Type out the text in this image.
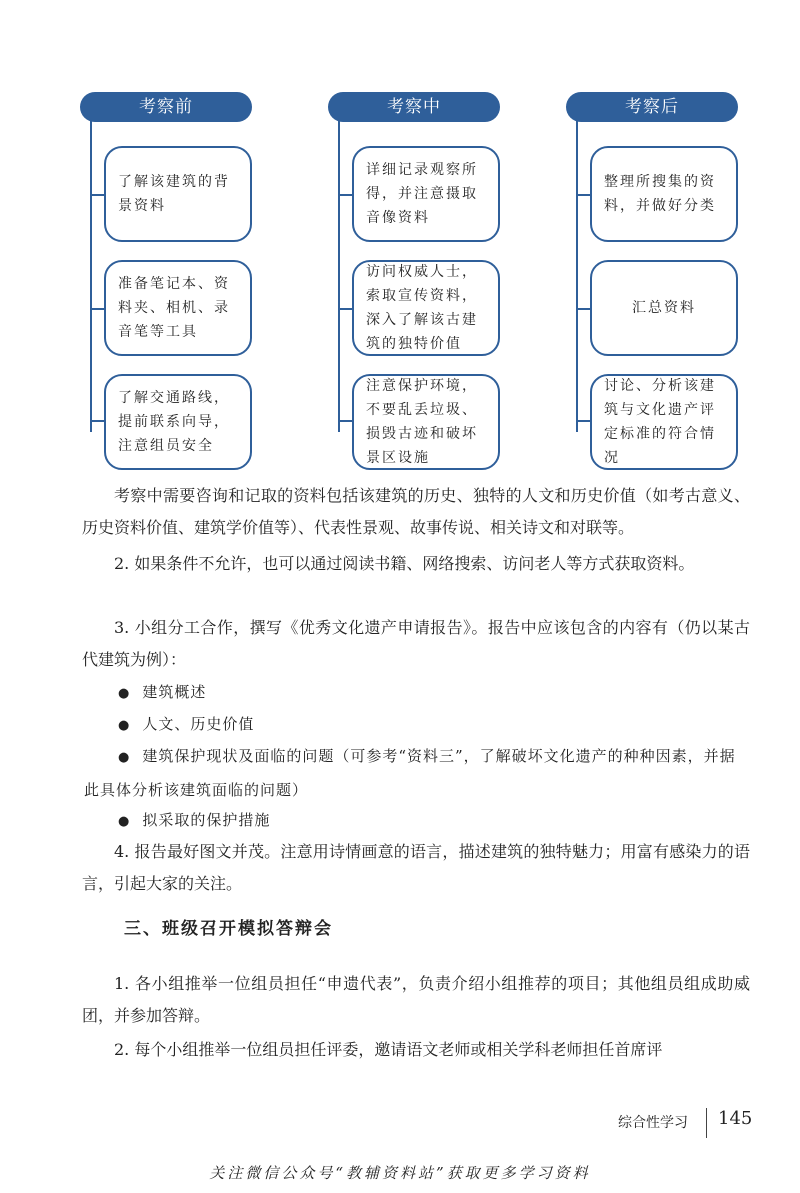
考察前
了解该建筑的背景资料
准备笔记本、资料夹、相机、录音笔等工具
了解交通路线，提前联系向导，注意组员安全
考察中
详细记录观察所得，并注意摄取音像资料
访问权威人士，索取宣传资料，深入了解该古建筑的独特价值
注意保护环境，不要乱丢垃圾、损毁古迹和破坏景区设施
考察后
整理所搜集的资料，并做好分类
汇总资料
讨论、分析该建筑与文化遗产评定标准的符合情况
考察中需要咨询和记取的资料包括该建筑的历史、独特的人文和历史价值（如考古意义、历史资料价值、建筑学价值等）、代表性景观、故事传说、相关诗文和对联等。
2. 如果条件不允许，也可以通过阅读书籍、网络搜索、访问老人等方式获取资料。
3. 小组分工合作，撰写《优秀文化遗产申请报告》。报告中应该包含的内容有（仍以某古代建筑为例）：
● 建筑概述
● 人文、历史价值
● 建筑保护现状及面临的问题（可参考“资料三”，了解破坏文化遗产的种种因素，并据此具体分析该建筑面临的问题）
● 拟采取的保护措施
4. 报告最好图文并茂。注意用诗情画意的语言，描述建筑的独特魅力；用富有感染力的语言，引起大家的关注。
三、班级召开模拟答辩会
1. 各小组推举一位组员担任“申遗代表”，负责介绍小组推荐的项目；其他组员组成助威团，并参加答辩。
2. 每个小组推举一位组员担任评委，邀请语文老师或相关学科老师担任首席评
综合性学习 145
关注微信公众号“教辅资料站”获取更多学习资料
